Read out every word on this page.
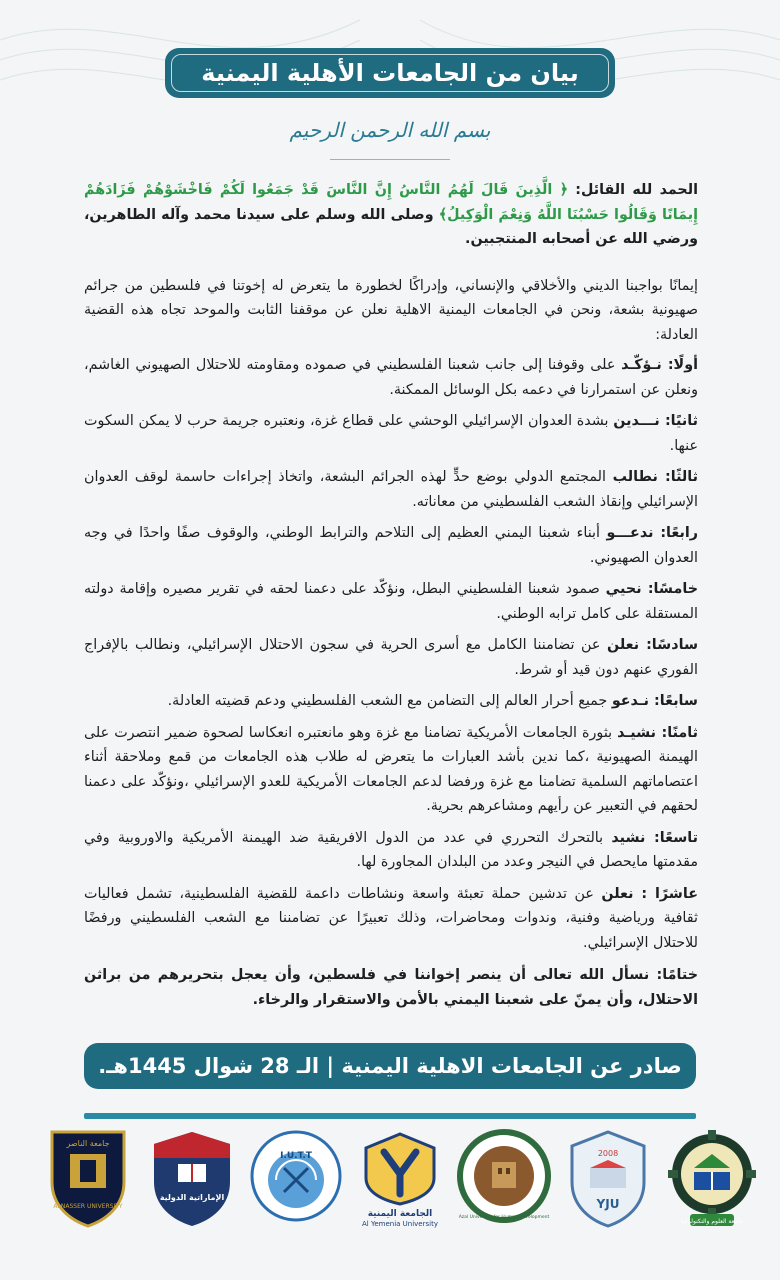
بيان من الجامعات الأهلية اليمنية
بسم الله الرحمن الرحيم

الحمد لله القائل: ﴿ الَّذِينَ قَالَ لَهُمُ النَّاسُ إِنَّ النَّاسَ قَدْ جَمَعُوا لَكُمْ فَاخْشَوْهُمْ فَزَادَهُمْ إِيمَانًا وَقَالُوا حَسْبُنَا اللَّهُ وَنِعْمَ الْوَكِيلُ﴾ وصلى الله وسلم على سيدنا محمد وآله الطاهرين، ورضي الله عن أصحابه المنتجبين.

إيمانًا بواجبنا الديني والأخلاقي والإنساني، وإدراكًا لخطورة ما يتعرض له إخوتنا في فلسطين من جرائم صهيونية بشعة، ونحن في الجامعات اليمنية الاهلية نعلن عن موقفنا الثابت والموحد تجاه هذه القضية العادلة:

أولًا: نـؤكّـد على وقوفنا إلى جانب شعبنا الفلسطيني في صموده ومقاومته للاحتلال الصهيوني الغاشم، ونعلن عن استمرارنا في دعمه بكل الوسائل الممكنة.

ثانيًا: نـــدين بشدة العدوان الإسرائيلي الوحشي على قطاع غزة، ونعتبره جريمة حرب لا يمكن السكوت عنها.

ثالثًا: نطالب المجتمع الدولي بوضع حدٍّ لهذه الجرائم البشعة، واتخاذ إجراءات حاسمة لوقف العدوان الإسرائيلي وإنقاذ الشعب الفلسطيني من معاناته.

رابعًا: ندعـــو أبناء شعبنا اليمني العظيم إلى التلاحم والترابط الوطني، والوقوف صفًا واحدًا في وجه العدوان الصهيوني.

خامسًا: نحيي صمود شعبنا الفلسطيني البطل، ونؤكّد على دعمنا لحقه في تقرير مصيره وإقامة دولته المستقلة على كامل ترابه الوطني.

سادسًا: نعلن عن تضامننا الكامل مع أسرى الحرية في سجون الاحتلال الإسرائيلي، ونطالب بالإفراج الفوري عنهم دون قيد أو شرط.

سابعًا: نـدعو جميع أحرار العالم إلى التضامن مع الشعب الفلسطيني ودعم قضيته العادلة.

ثامنًا: نشيـد بثورة الجامعات الأمريكية تضامنا مع غزة وهو مانعتبره انعكاسا لصحوة ضمير انتصرت على الهيمنة الصهيونية ،كما ندين بأشد العبارات ما يتعرض له طلاب هذه الجامعات من قمع وملاحقة أثناء اعتصاماتهم السلمية تضامنا مع غزة ورفضا لدعم الجامعات الأمريكية للعدو الإسرائيلي ،ونؤكّد على دعمنا لحقهم في التعبير عن رأيهم ومشاعرهم بحرية.

تاسعًا: نشيد بالتحرك التحرري في عدد من الدول الافريقية ضد الهيمنة الأمريكية والاوروبية وفي مقدمتها مايحصل في النيجر وعدد من البلدان المجاورة لها.

عاشرًا : نعلن عن تدشين حملة تعبئة واسعة ونشاطات داعمة للقضية الفلسطينية، تشمل فعاليات ثقافية ورياضية وفنية، وندوات ومحاضرات، وذلك تعبيرًا عن تضامننا مع الشعب الفلسطيني ورفضًا للاحتلال الإسرائيلي.

ختامًا: نسأل الله تعالى أن ينصر إخواننا في فلسطين، وأن يعجل بتحريرهم من براثن الاحتلال، وأن يمنّ على شعبنا اليمني بالأمن والاستقرار والرخاء.

صادر عن الجامعات الاهلية اليمنية | الـ 28 شوال 1445هـ.
جامعة العلوم والتكنولوجيا
2008
YJU
Azal University for Human Development
الجامعة اليمنية
Al Yemenia University
I.U.T.T
الإماراتية الدولية
جامعة الناصر
ALNASSER UNIVERSITY
